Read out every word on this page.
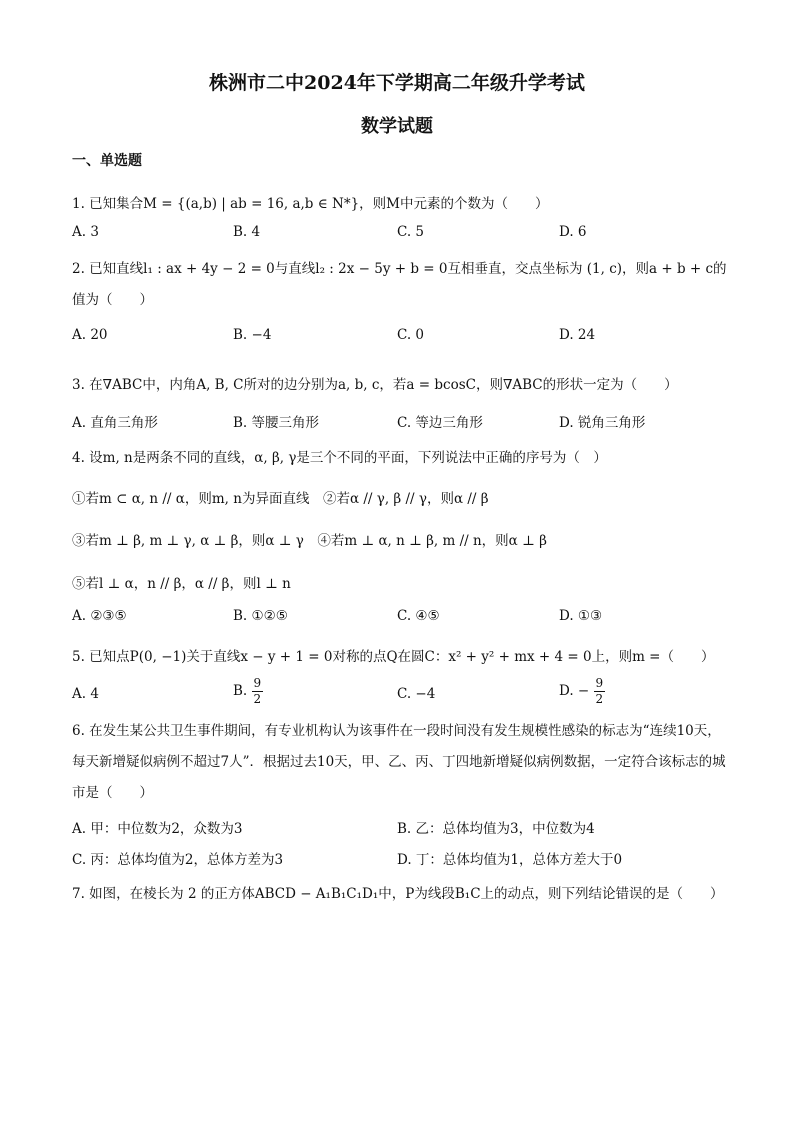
株洲市二中2024年下学期高二年级升学考试
数学试题
一、单选题
1. 已知集合M = {(a,b) | ab = 16, a,b ∈ N*}，则M中元素的个数为（　　）
A. 3	B. 4	C. 5	D. 6
2. 已知直线l₁ : ax + 4y − 2 = 0与直线l₂ : 2x − 5y + b = 0互相垂直，交点坐标为 (1, c)，则a + b + c的值为（　　）
A. 20	B. −4	C. 0	D. 24
3. 在∇ABC中，内角A, B, C所对的边分别为a, b, c，若a = bcosC，则∇ABC的形状一定为（　　）
A. 直角三角形	B. 等腰三角形	C. 等边三角形	D. 锐角三角形
4. 设m, n是两条不同的直线，α, β, γ是三个不同的平面，下列说法中正确的序号为（　）
①若m ⊂ α, n // α，则m, n为异面直线　②若α // γ, β // γ，则α // β
③若m ⊥ β, m ⊥ γ, α ⊥ β，则α ⊥ γ　④若m ⊥ α, n ⊥ β, m // n，则α ⊥ β
⑤若l ⊥ α，n // β，α // β，则l ⊥ n
A. ②③⑤	B. ①②⑤	C. ④⑤	D. ①③
5. 已知点P(0, −1)关于直线x − y + 1 = 0对称的点Q在圆C：x² + y² + mx + 4 = 0上，则m =（　　）
A. 4	B. $\frac{9}{2}$	C. −4	D. − $\frac{9}{2}$
6. 在发生某公共卫生事件期间，有专业机构认为该事件在一段时间没有发生规模性感染的标志为“连续10天，每天新增疑似病例不超过7人”．根据过去10天，甲、乙、丙、丁四地新增疑似病例数据，一定符合该标志的城市是（　　）
A. 甲：中位数为2，众数为3	B. 乙：总体均值为3，中位数为4
C. 丙：总体均值为2，总体方差为3	D. 丁：总体均值为1，总体方差大于0
7. 如图，在棱长为 2 的正方体ABCD − A₁B₁C₁D₁中，P为线段B₁C上的动点，则下列结论错误的是（　　）
